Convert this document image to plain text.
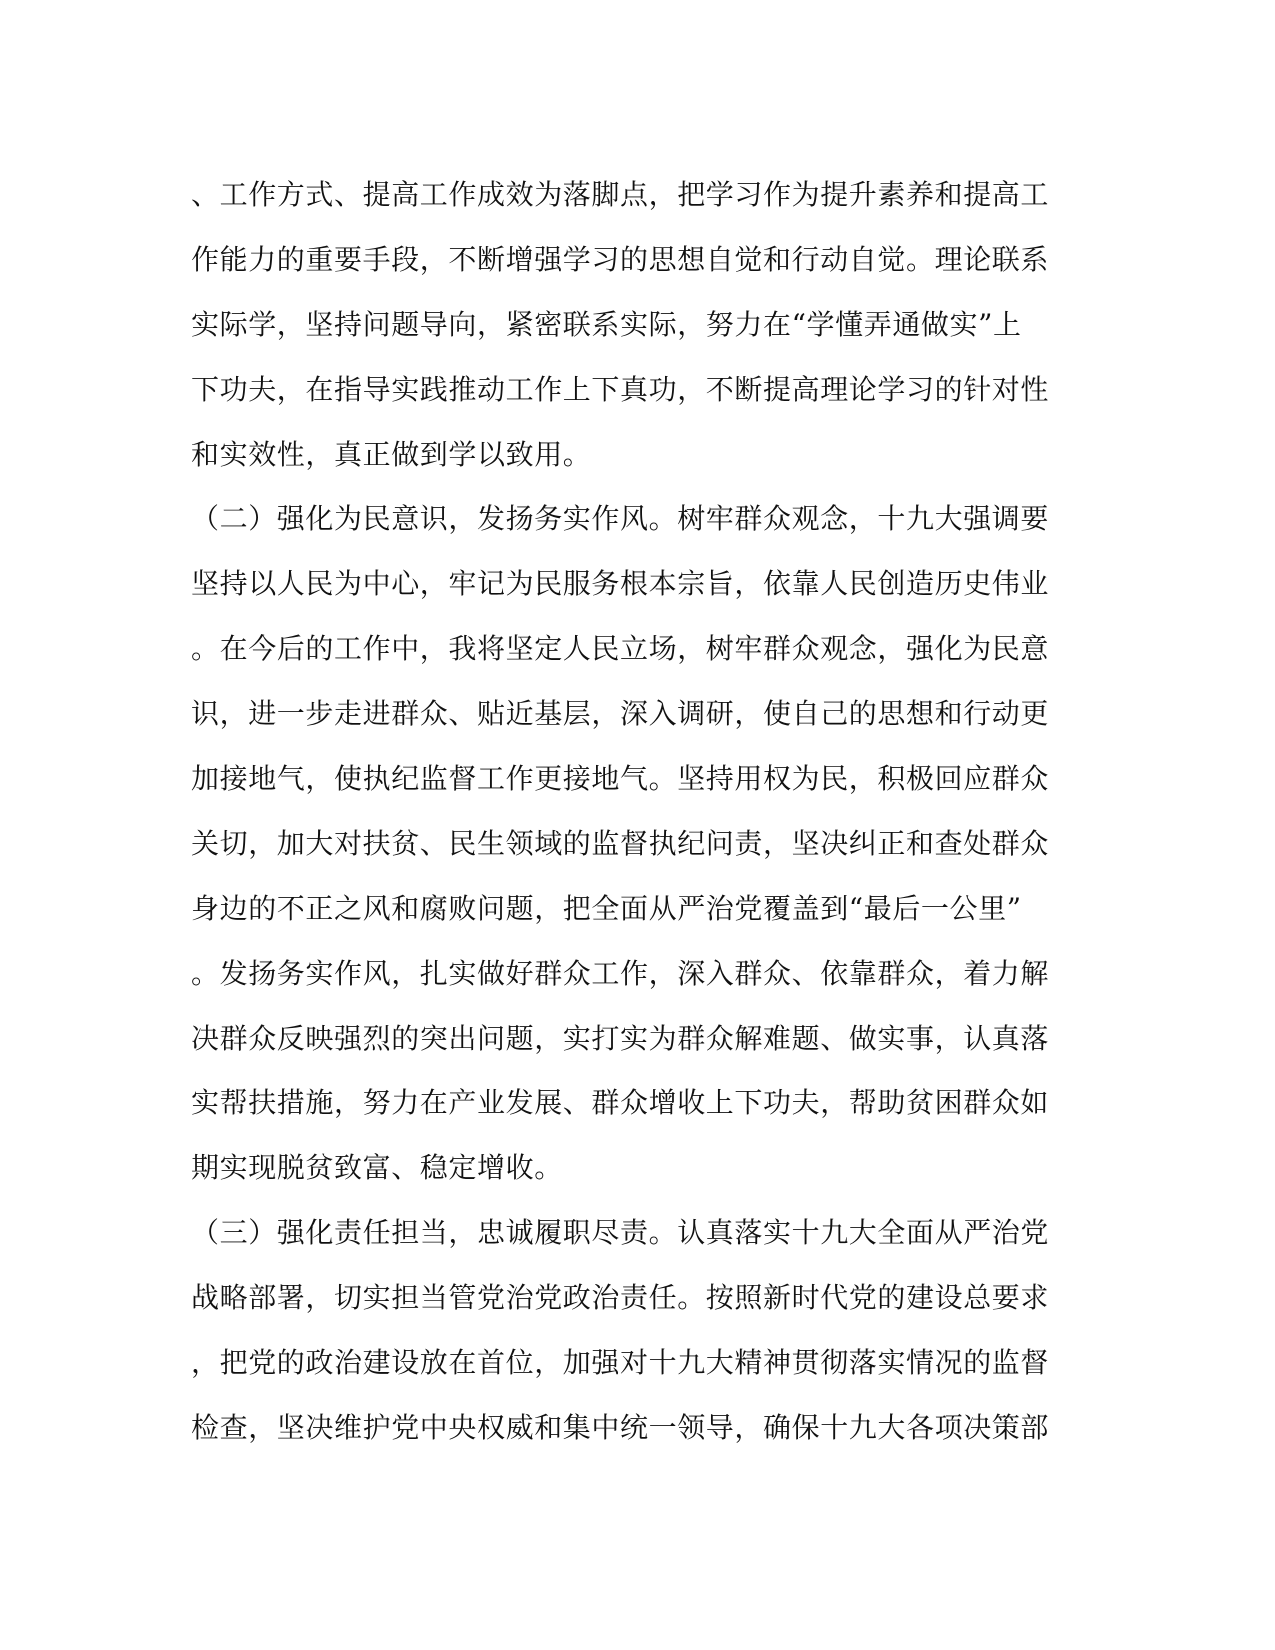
、工作方式、提高工作成效为落脚点，把学习作为提升素养和提高工
作能力的重要手段，不断增强学习的思想自觉和行动自觉。理论联系
实际学，坚持问题导向，紧密联系实际，努力在“学懂弄通做实”上
下功夫，在指导实践推动工作上下真功，不断提高理论学习的针对性
和实效性，真正做到学以致用。
（二）强化为民意识，发扬务实作风。树牢群众观念，十九大强调要
坚持以人民为中心，牢记为民服务根本宗旨，依靠人民创造历史伟业
。在今后的工作中，我将坚定人民立场，树牢群众观念，强化为民意
识，进一步走进群众、贴近基层，深入调研，使自己的思想和行动更
加接地气，使执纪监督工作更接地气。坚持用权为民，积极回应群众
关切，加大对扶贫、民生领域的监督执纪问责，坚决纠正和查处群众
身边的不正之风和腐败问题，把全面从严治党覆盖到“最后一公里”
。发扬务实作风，扎实做好群众工作，深入群众、依靠群众，着力解
决群众反映强烈的突出问题，实打实为群众解难题、做实事，认真落
实帮扶措施，努力在产业发展、群众增收上下功夫，帮助贫困群众如
期实现脱贫致富、稳定增收。
（三）强化责任担当，忠诚履职尽责。认真落实十九大全面从严治党
战略部署，切实担当管党治党政治责任。按照新时代党的建设总要求
，把党的政治建设放在首位，加强对十九大精神贯彻落实情况的监督
检查，坚决维护党中央权威和集中统一领导，确保十九大各项决策部
